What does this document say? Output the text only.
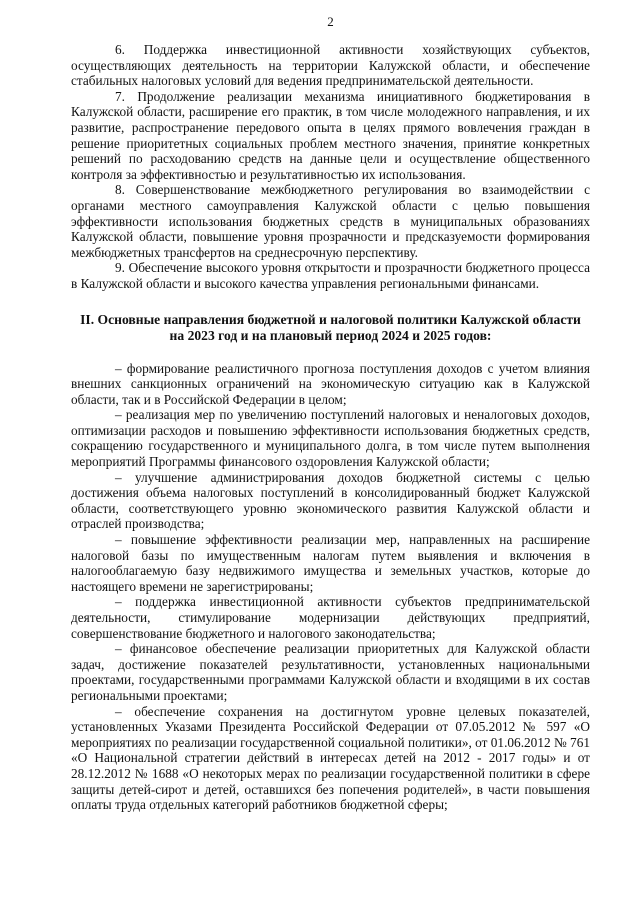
2

6. Поддержка инвестиционной активности хозяйствующих субъектов, осуществляющих деятельность на территории Калужской области, и обеспечение стабильных налоговых условий для ведения предпринимательской деятельности.

7. Продолжение реализации механизма инициативного бюджетирования в Калужской области, расширение его практик, в том числе молодежного направления, и их развитие, распространение передового опыта в целях прямого вовлечения граждан в решение приоритетных социальных проблем местного значения, принятие конкретных решений по расходованию средств на данные цели и осуществление общественного контроля за эффективностью и результативностью их использования.

8. Совершенствование межбюджетного регулирования во взаимодействии с органами местного самоуправления Калужской области с целью повышения эффективности использования бюджетных средств в муниципальных образованиях Калужской области, повышение уровня прозрачности и предсказуемости формирования межбюджетных трансфертов на среднесрочную перспективу.

9. Обеспечение высокого уровня открытости и прозрачности бюджетного процесса в Калужской области и высокого качества управления региональными финансами.

II. Основные направления бюджетной и налоговой политики Калужской области
на 2023 год и на плановый период 2024 и 2025 годов:

– формирование реалистичного прогноза поступления доходов с учетом влияния внешних санкционных ограничений на экономическую ситуацию как в Калужской области, так и в Российской Федерации в целом;

– реализация мер по увеличению поступлений налоговых и неналоговых доходов, оптимизации расходов и повышению эффективности использования бюджетных средств, сокращению государственного и муниципального долга, в том числе путем выполнения мероприятий Программы финансового оздоровления Калужской области;

– улучшение администрирования доходов бюджетной системы с целью достижения объема налоговых поступлений в консолидированный бюджет Калужской области, соответствующего уровню экономического развития Калужской области и отраслей производства;

– повышение эффективности реализации мер, направленных на расширение налоговой базы по имущественным налогам путем выявления и включения в налогооблагаемую базу недвижимого имущества и земельных участков, которые до настоящего времени не зарегистрированы;

– поддержка инвестиционной активности субъектов предпринимательской деятельности, стимулирование модернизации действующих предприятий, совершенствование бюджетного и налогового законодательства;

– финансовое обеспечение реализации приоритетных для Калужской области задач, достижение показателей результативности, установленных национальными проектами, государственными программами Калужской области и входящими в их состав региональными проектами;

– обеспечение сохранения на достигнутом уровне целевых показателей, установленных Указами Президента Российской Федерации от 07.05.2012 № 597 «О мероприятиях по реализации государственной социальной политики», от 01.06.2012 № 761 «О Национальной стратегии действий в интересах детей на 2012 - 2017 годы» и от 28.12.2012 № 1688 «О некоторых мерах по реализации государственной политики в сфере защиты детей-сирот и детей, оставшихся без попечения родителей», в части повышения оплаты труда отдельных категорий работников бюджетной сферы;
